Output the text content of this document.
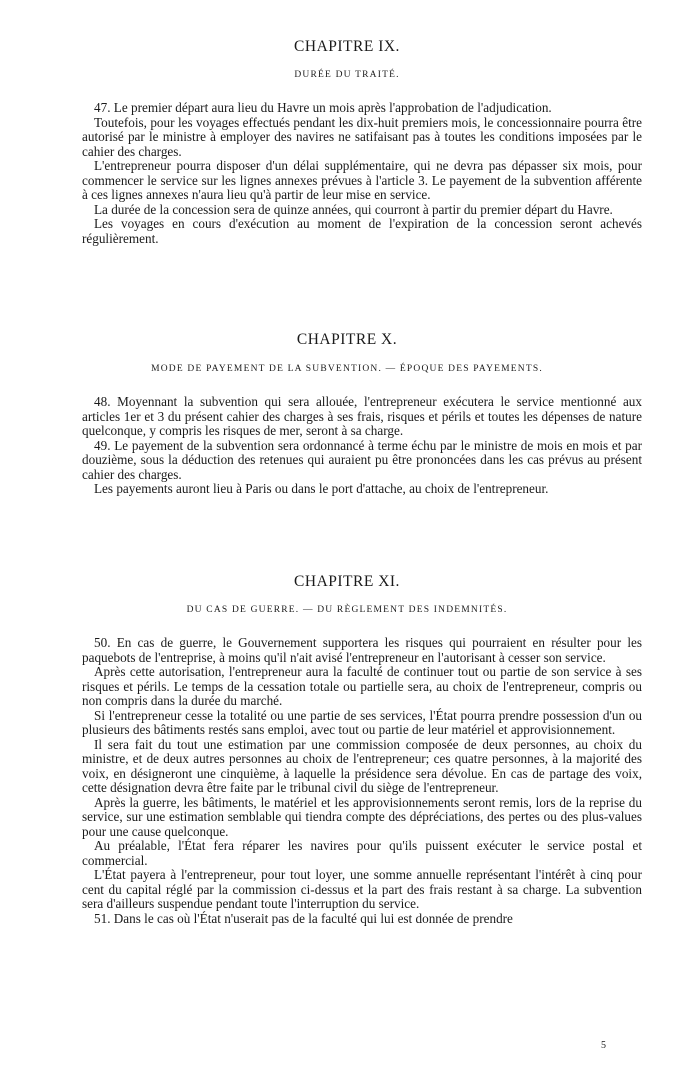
CHAPITRE IX.
DURÉE DU TRAITÉ.

47. Le premier départ aura lieu du Havre un mois après l'approbation de l'adjudication.

Toutefois, pour les voyages effectués pendant les dix-huit premiers mois, le concessionnaire pourra être autorisé par le ministre à employer des navires ne satifaisant pas à toutes les conditions imposées par le cahier des charges.

L'entrepreneur pourra disposer d'un délai supplémentaire, qui ne devra pas dépasser six mois, pour commencer le service sur les lignes annexes prévues à l'article 3. Le payement de la subvention afférente à ces lignes annexes n'aura lieu qu'à partir de leur mise en service.

La durée de la concession sera de quinze années, qui courront à partir du premier départ du Havre.

Les voyages en cours d'exécution au moment de l'expiration de la concession seront achevés régulièrement.

CHAPITRE X.
MODE DE PAYEMENT DE LA SUBVENTION. — ÉPOQUE DES PAYEMENTS.

48. Moyennant la subvention qui sera allouée, l'entrepreneur exécutera le service mentionné aux articles 1er et 3 du présent cahier des charges à ses frais, risques et périls et toutes les dépenses de nature quelconque, y compris les risques de mer, seront à sa charge.

49. Le payement de la subvention sera ordonnancé à terme échu par le ministre de mois en mois et par douzième, sous la déduction des retenues qui auraient pu être prononcées dans les cas prévus au présent cahier des charges.

Les payements auront lieu à Paris ou dans le port d'attache, au choix de l'entrepreneur.

CHAPITRE XI.
DU CAS DE GUERRE. — DU RÈGLEMENT DES INDEMNITÉS.

50. En cas de guerre, le Gouvernement supportera les risques qui pourraient en résulter pour les paquebots de l'entreprise, à moins qu'il n'ait avisé l'entrepreneur en l'autorisant à cesser son service.

Après cette autorisation, l'entrepreneur aura la faculté de continuer tout ou partie de son service à ses risques et périls. Le temps de la cessation totale ou partielle sera, au choix de l'entrepreneur, compris ou non compris dans la durée du marché.

Si l'entrepreneur cesse la totalité ou une partie de ses services, l'État pourra prendre possession d'un ou plusieurs des bâtiments restés sans emploi, avec tout ou partie de leur matériel et approvisionnement.

Il sera fait du tout une estimation par une commission composée de deux personnes, au choix du ministre, et de deux autres personnes au choix de l'entrepreneur; ces quatre personnes, à la majorité des voix, en désigneront une cinquième, à laquelle la présidence sera dévolue. En cas de partage des voix, cette désignation devra être faite par le tribunal civil du siège de l'entrepreneur.

Après la guerre, les bâtiments, le matériel et les approvisionnements seront remis, lors de la reprise du service, sur une estimation semblable qui tiendra compte des dépréciations, des pertes ou des plus-values pour une cause quelconque.

Au préalable, l'État fera réparer les navires pour qu'ils puissent exécuter le service postal et commercial.

L'État payera à l'entrepreneur, pour tout loyer, une somme annuelle représentant l'intérêt à cinq pour cent du capital réglé par la commission ci-dessus et la part des frais restant à sa charge. La subvention sera d'ailleurs suspendue pendant toute l'interruption du service.

51. Dans le cas où l'État n'userait pas de la faculté qui lui est donnée de prendre

5
